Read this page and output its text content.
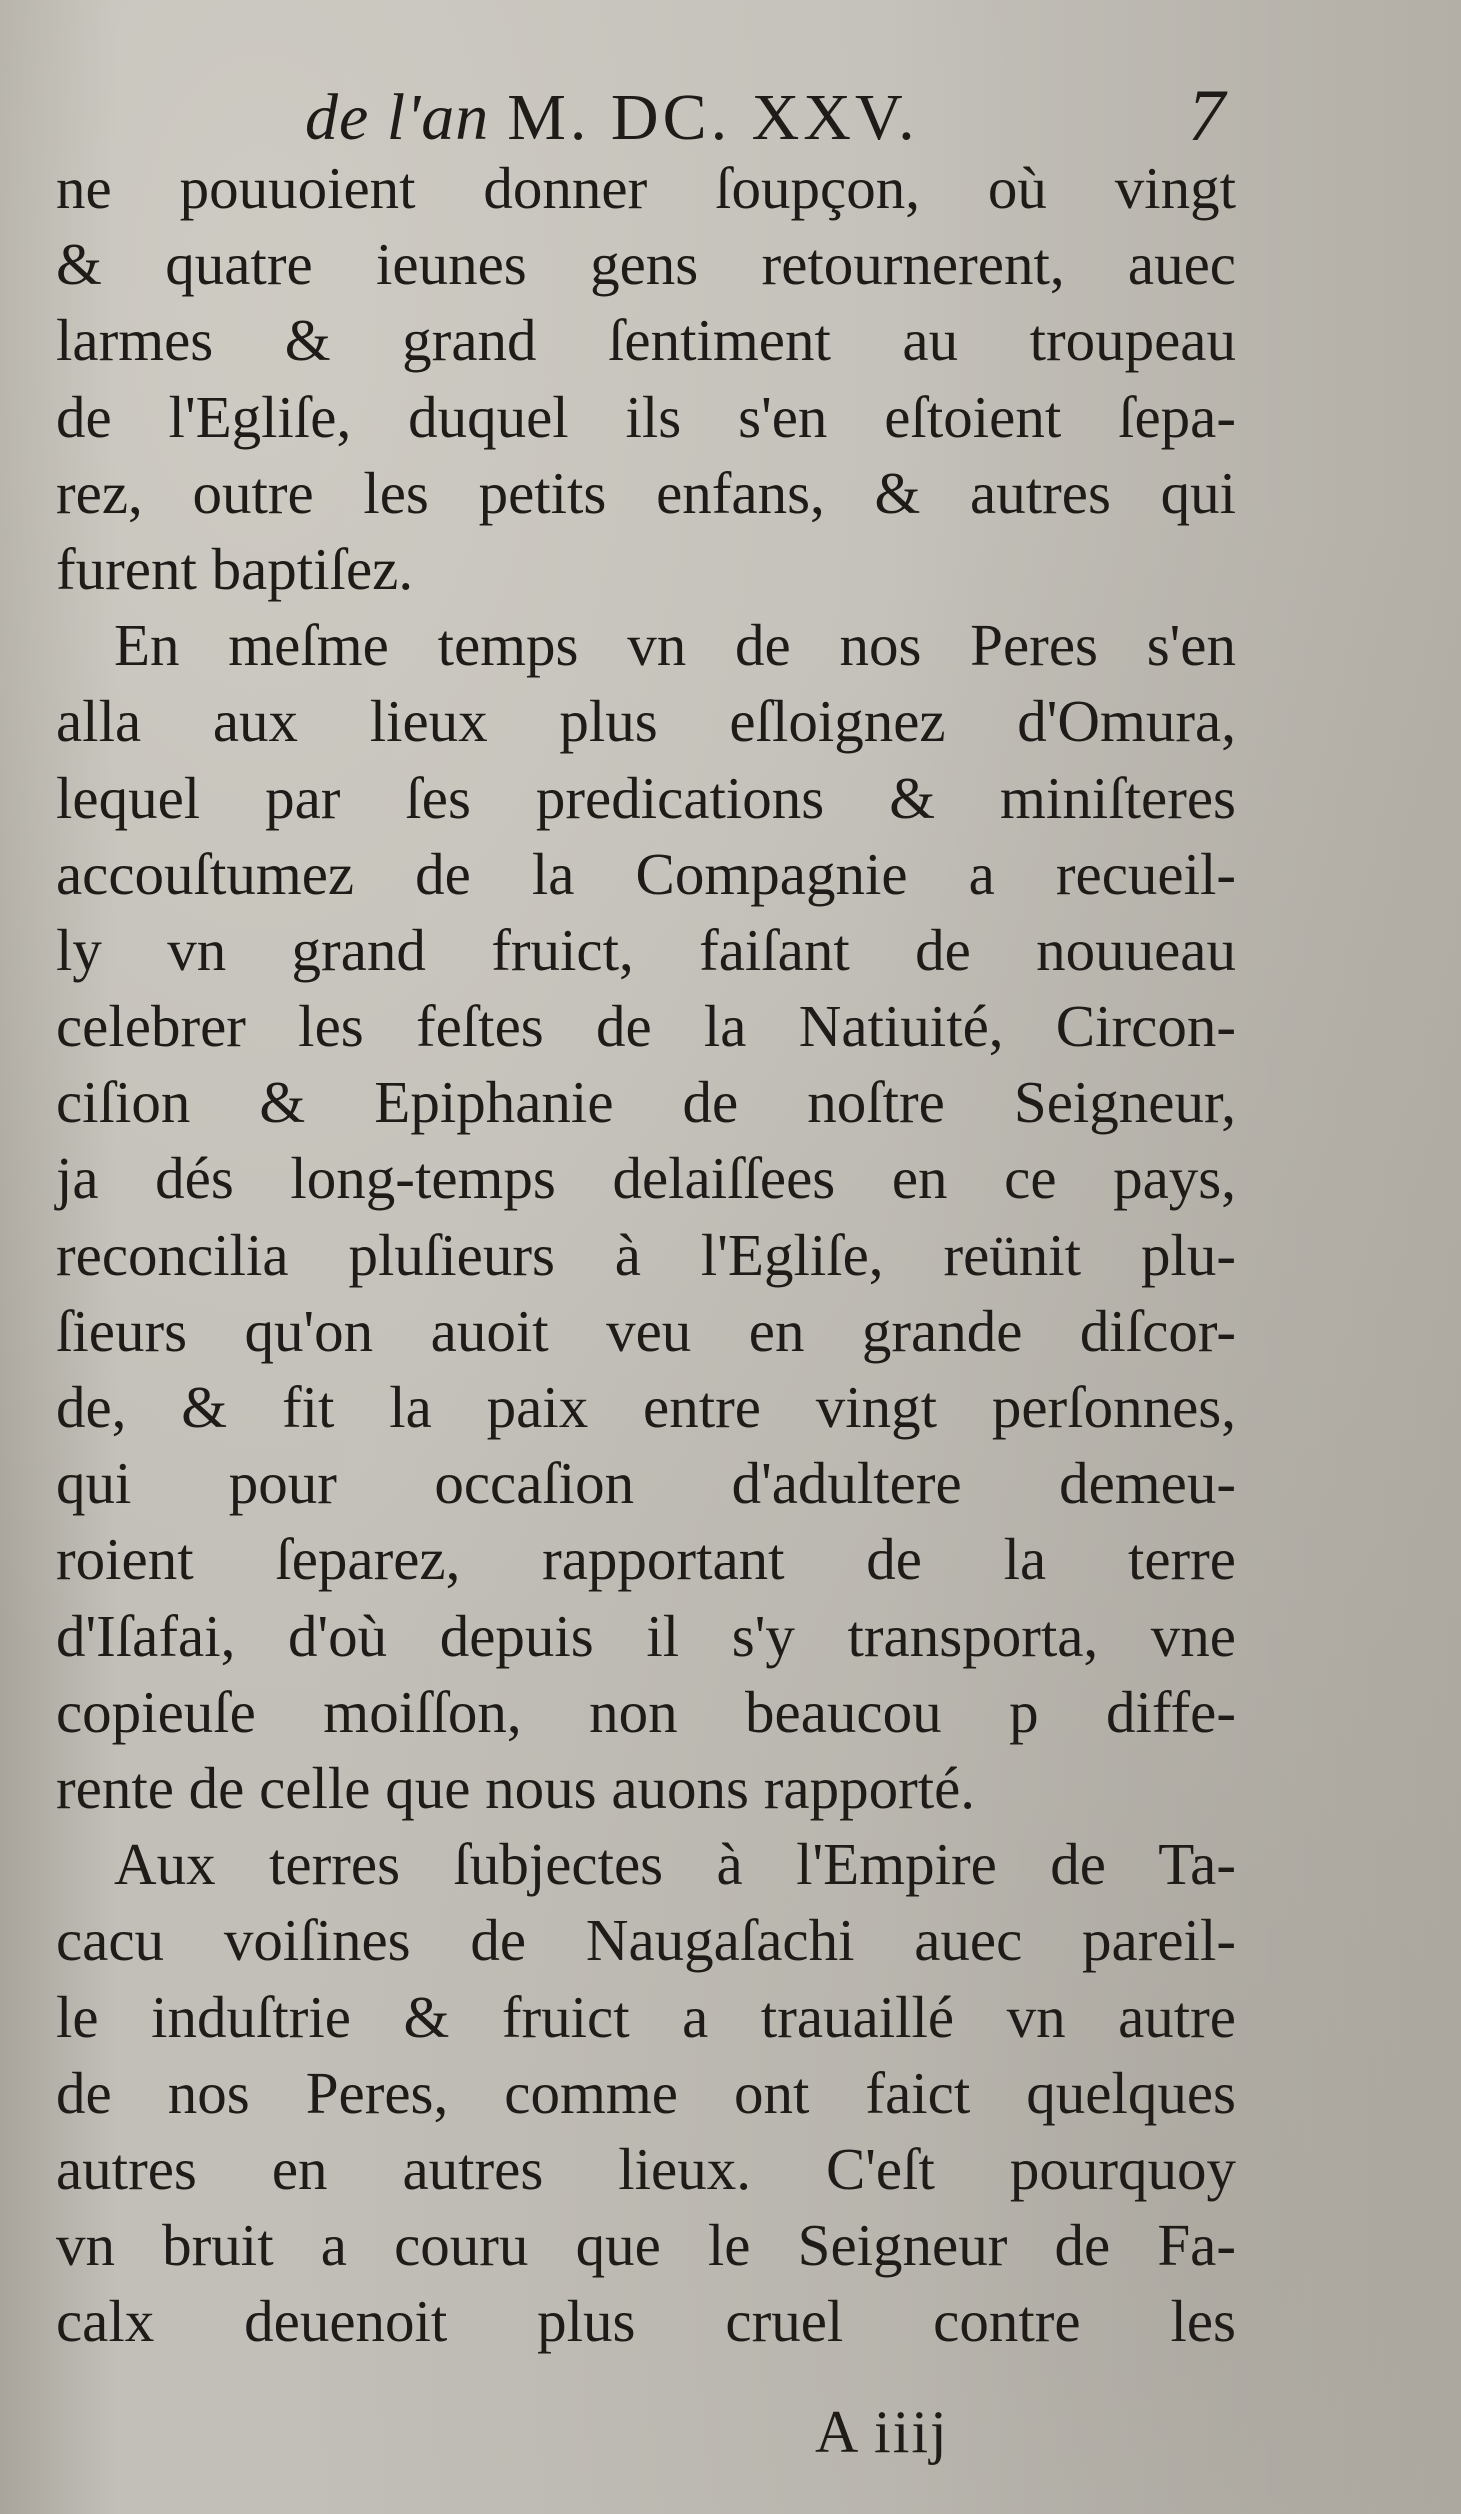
de l'an M. DC. XXV.	7
ne pouuoient donner ſoupçon, où vingt
& quatre ieunes gens retournerent, auec
larmes & grand ſentiment au troupeau
de l'Egliſe, duquel ils s'en eſtoient ſepa-
rez, outre les petits enfans, & autres qui
furent baptiſez.
En meſme temps vn de nos Peres s'en
alla aux lieux plus eſloignez d'Omura,
lequel par ſes predications & miniſteres
accouſtumez de la Compagnie a recueil-
ly vn grand fruict, faiſant de nouueau
celebrer les feſtes de la Natiuité, Circon-
ciſion & Epiphanie de noſtre Seigneur,
ja dés long-temps delaiſſees en ce pays,
reconcilia pluſieurs à l'Egliſe, reünit plu-
ſieurs qu'on auoit veu en grande diſcor-
de, & fit la paix entre vingt perſonnes,
qui pour occaſion d'adultere demeu-
roient ſeparez, rapportant de la terre
d'Iſafai, d'où depuis il s'y transporta, vne
copieuſe moiſſon, non beaucou p diffe-
rente de celle que nous auons rapporté.
Aux terres ſubjectes à l'Empire de Ta-
cacu voiſines de Naugaſachi auec pareil-
le induſtrie & fruict a trauaillé vn autre
de nos Peres, comme ont faict quelques
autres en autres lieux. C'eſt pourquoy
vn bruit a couru que le Seigneur de Fa-
calx deuenoit plus cruel contre les
A iiij
